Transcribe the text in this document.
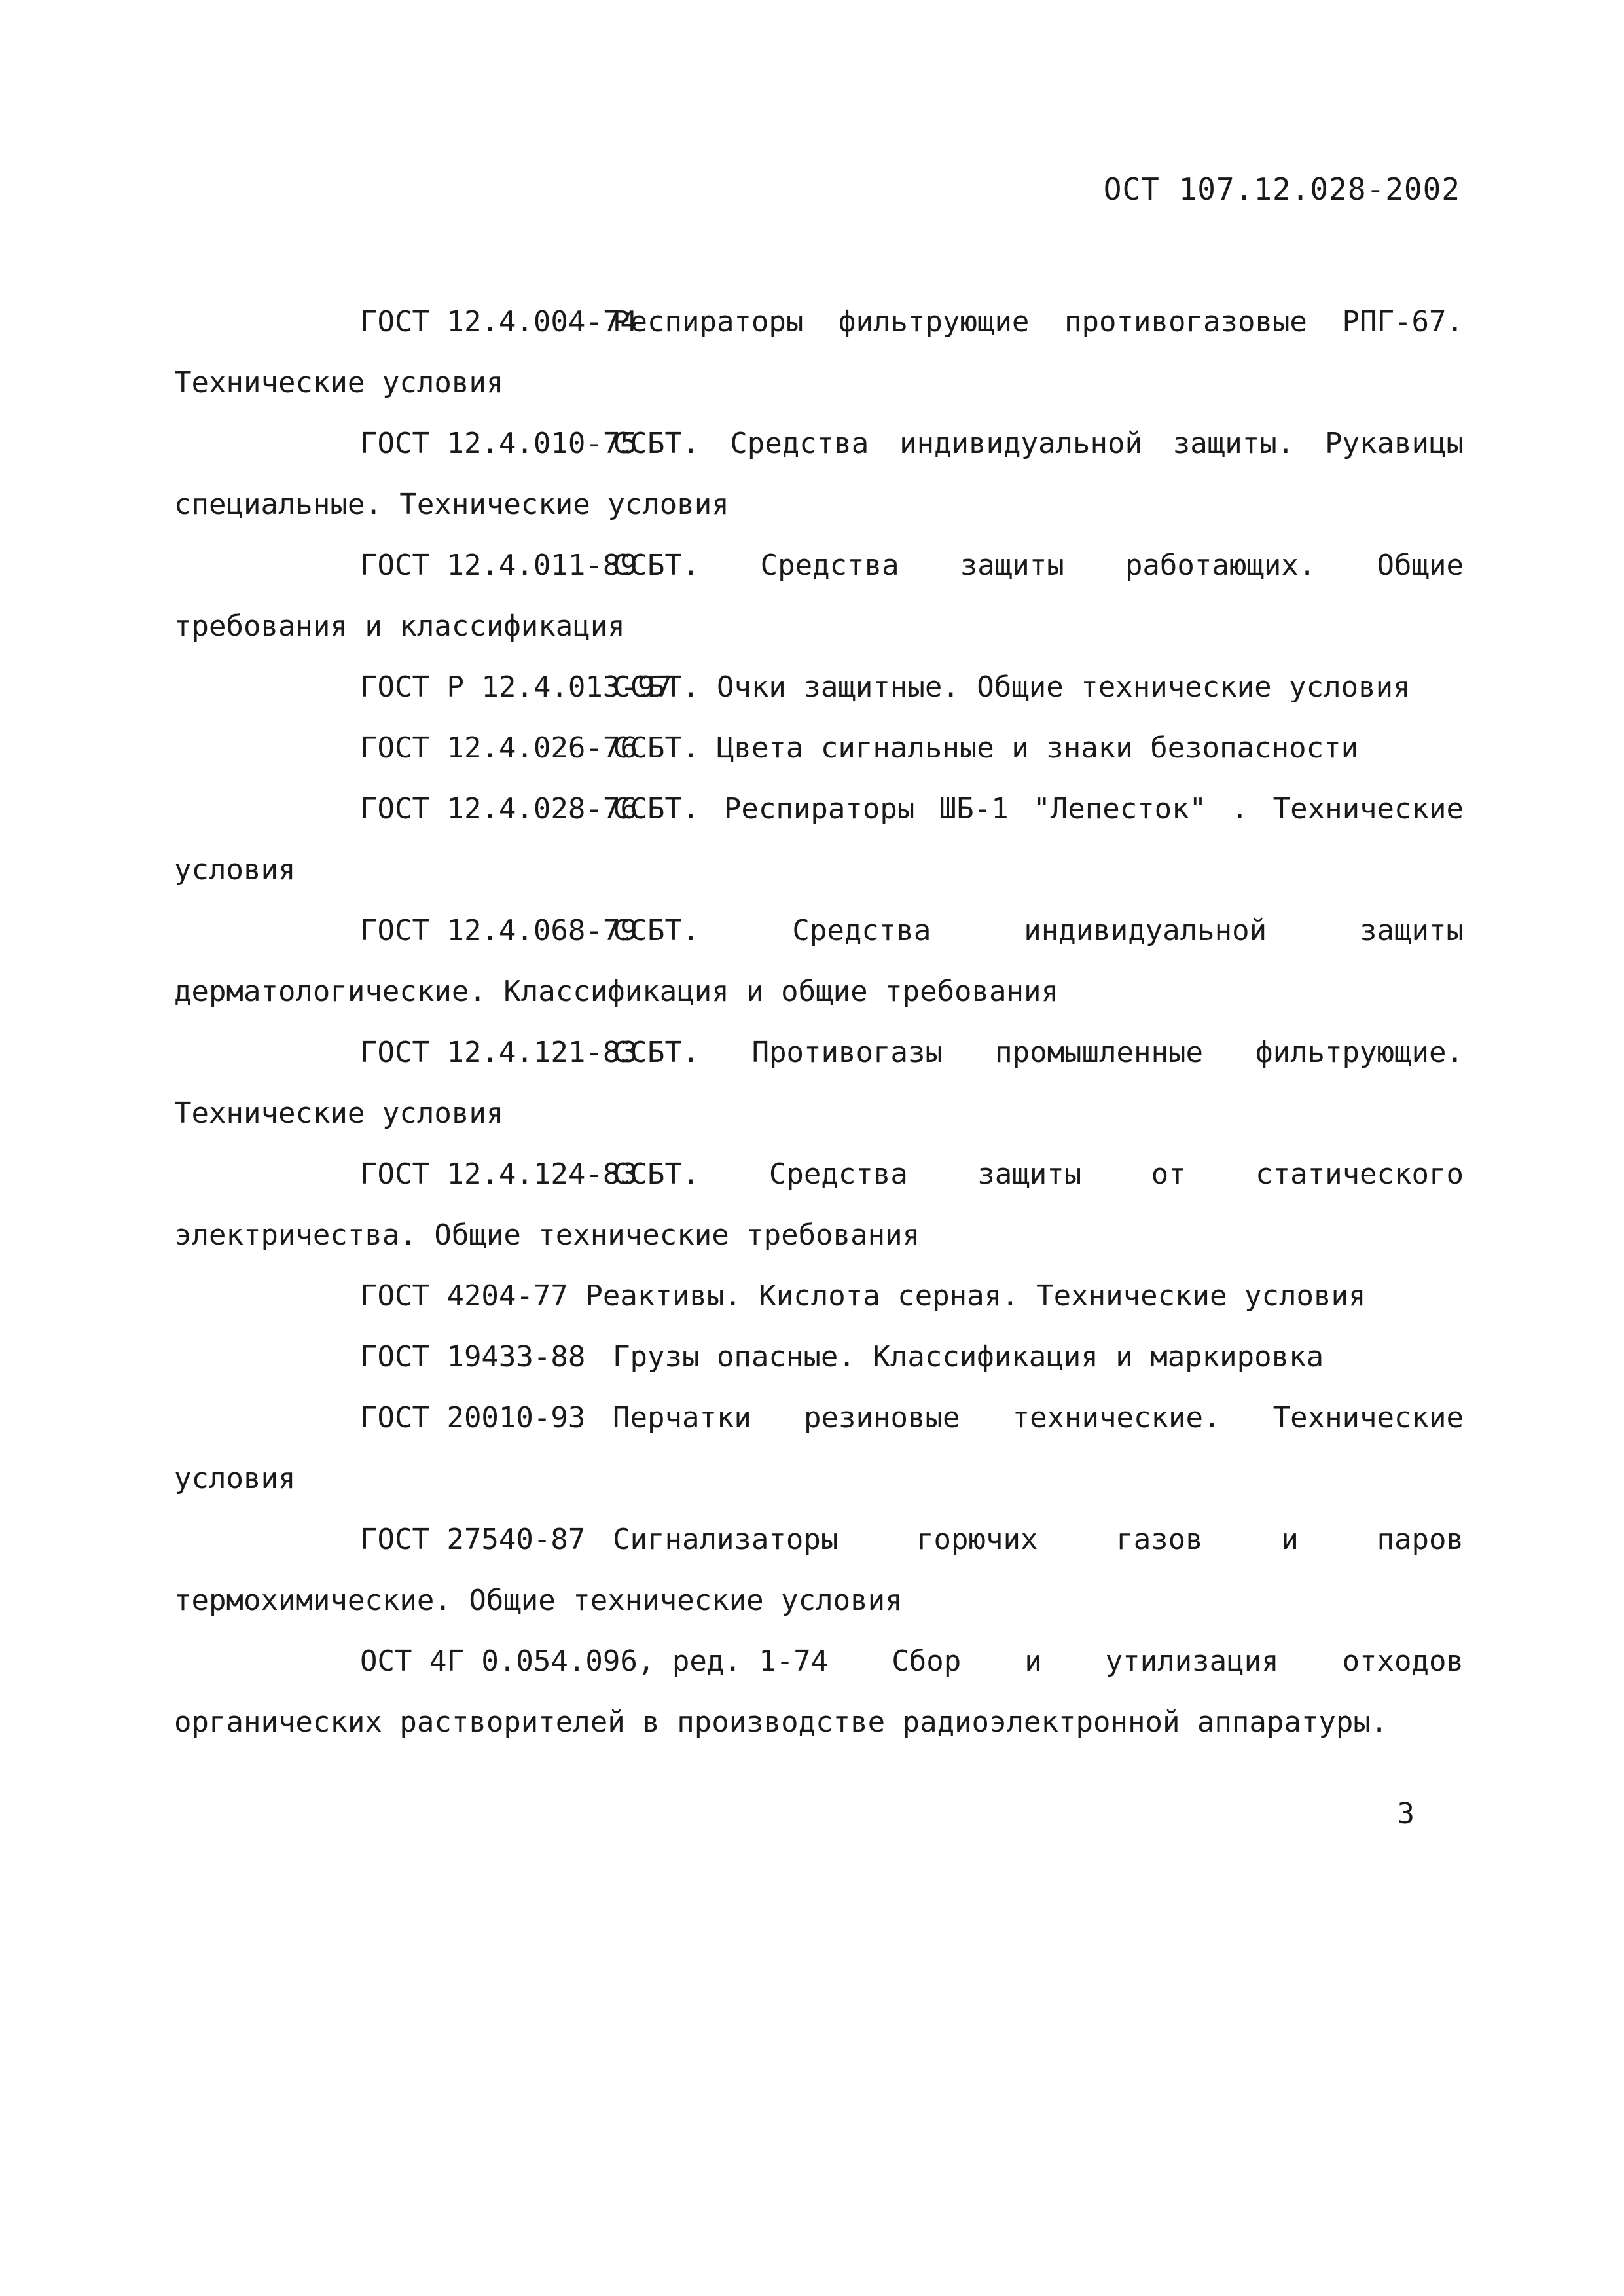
ОСТ 107.12.028-2002

ГОСТ 12.4.004-74Респираторы фильтрующие противогазовые РПГ-67. Технические условия

ГОСТ 12.4.010-75ССБТ. Средства индивидуальной защиты. Рукавицы специальные. Технические условия

ГОСТ 12.4.011-89ССБТ. Средства защиты работающих. Общие требования и классификация

ГОСТ Р 12.4.013-97ССБТ. Очки защитные. Общие технические условия

ГОСТ 12.4.026-76ССБТ. Цвета сигнальные и знаки безопасности

ГОСТ 12.4.028-76ССБТ. Респираторы ШБ-1 "Лепесток" . Технические условия

ГОСТ 12.4.068-79ССБТ. Средства индивидуальной защиты дерматологические. Классификация и общие требования

ГОСТ 12.4.121-83ССБТ. Противогазы промышленные фильтрующие. Технические условия

ГОСТ 12.4.124-83ССБТ. Средства защиты от статического электричества. Общие технические требования

ГОСТ 4204-77 Реактивы. Кислота серная. Технические условия

ГОСТ 19433-88 Грузы опасные. Классификация и маркировка

ГОСТ 20010-93 Перчатки резиновые технические. Технические условия

ГОСТ 27540-87 Сигнализаторы горючих газов и паров термохимические. Общие технические условия

ОСТ 4Г 0.054.096, ред. 1-74 Сбор и утилизация отходов органических растворителей в производстве радиоэлектронной аппаратуры.

3
